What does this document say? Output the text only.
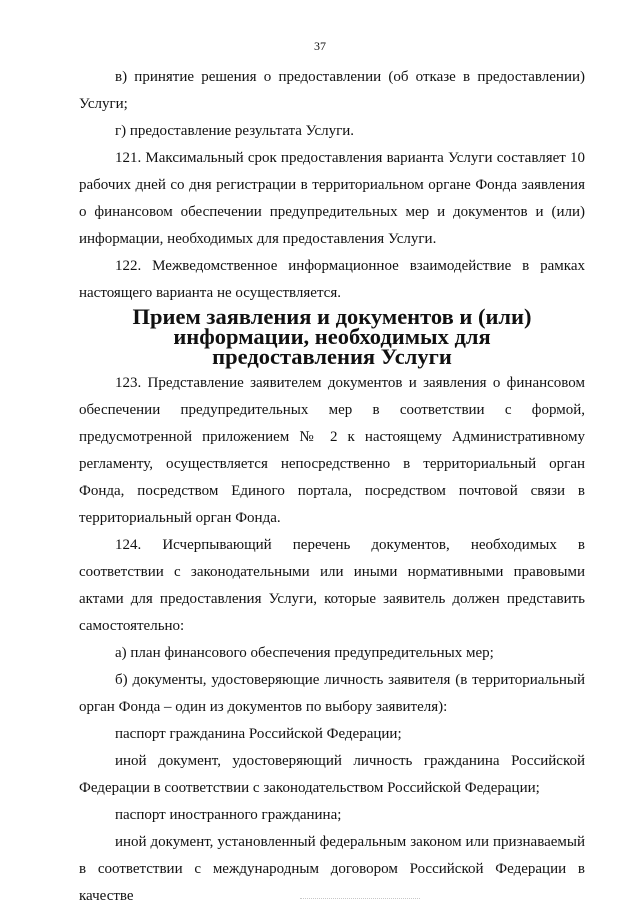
37

в) принятие решения о предоставлении (об отказе в предоставлении) Услуги;

г) предоставление результата Услуги.

121. Максимальный срок предоставления варианта Услуги составляет 10 рабочих дней со дня регистрации в территориальном органе Фонда заявления о финансовом обеспечении предупредительных мер и документов и (или) информации, необходимых для предоставления Услуги.

122. Межведомственное информационное взаимодействие в рамках настоящего варианта не осуществляется.

Прием заявления и документов и (или) информации, необходимых для
предоставления Услуги

123. Представление заявителем документов и заявления о финансовом обеспечении предупредительных мер в соответствии с формой, предусмотренной приложением № 2 к настоящему Административному регламенту, осуществляется непосредственно в территориальный орган Фонда, посредством Единого портала, посредством почтовой связи в территориальный орган Фонда.

124. Исчерпывающий перечень документов, необходимых в соответствии с законодательными или иными нормативными правовыми актами для предоставления Услуги, которые заявитель должен представить самостоятельно:

а) план финансового обеспечения предупредительных мер;

б) документы, удостоверяющие личность заявителя (в территориальный орган Фонда – один из документов по выбору заявителя):

паспорт гражданина Российской Федерации;

иной документ, удостоверяющий личность гражданина Российской Федерации в соответствии с законодательством Российской Федерации;

паспорт иностранного гражданина;

иной документ, установленный федеральным законом или признаваемый в соответствии с международным договором Российской Федерации в качестве
